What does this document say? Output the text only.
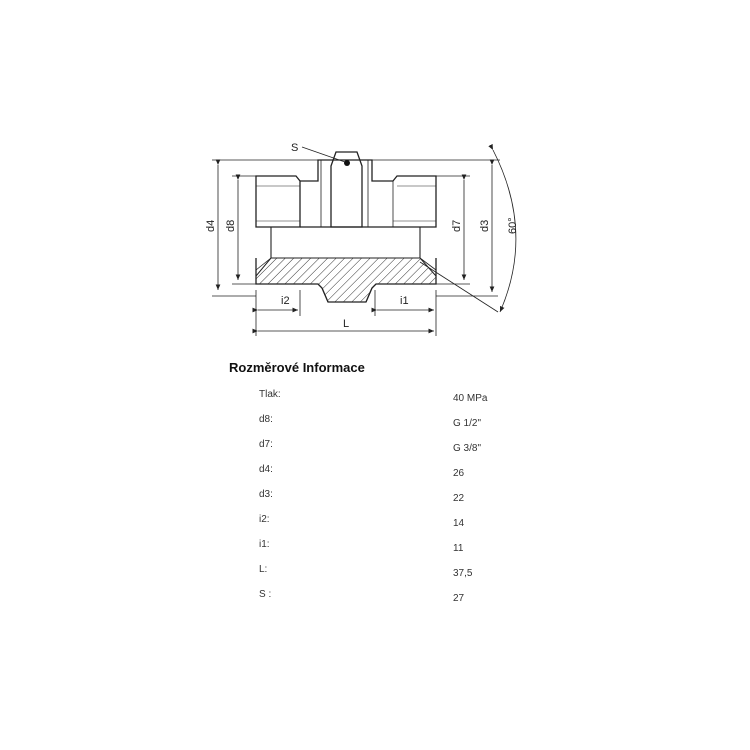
S
d4 d8	d7 d3 60°
i2	i1
L
Rozměrové Informace
Tlak:	40 MPa
d8:	G 1/2"
d7:	G 3/8"
d4:	26
d3:	22
i2:	14
i1:	11
L:	37,5
S :	27
